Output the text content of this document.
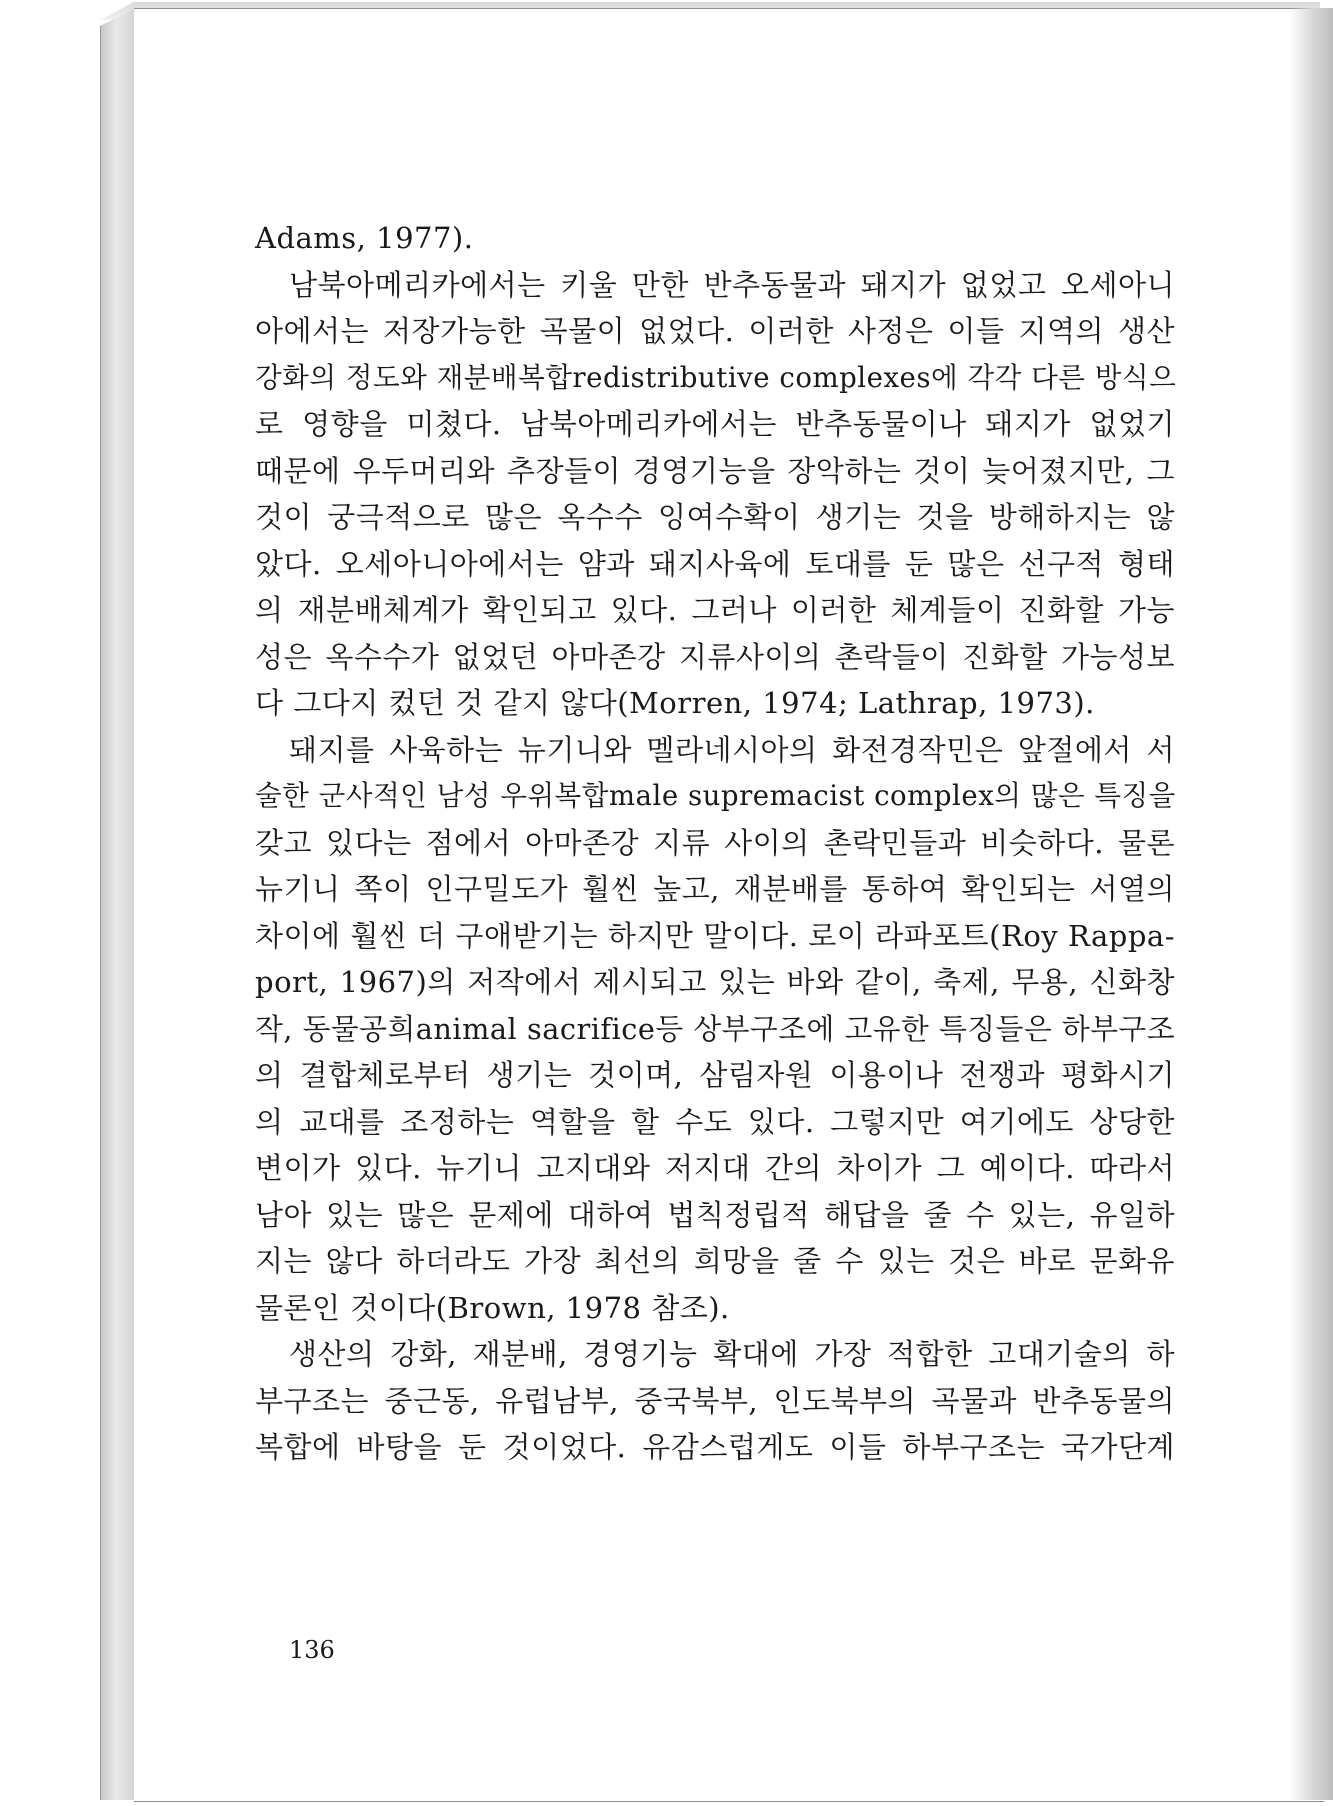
Adams, 1977).
남북아메리카에서는 키울 만한 반추동물과 돼지가 없었고 오세아니
아에서는 저장가능한 곡물이 없었다. 이러한 사정은 이들 지역의 생산
강화의 정도와 재분배복합redistributive complexes에 각각 다른 방식으
로 영향을 미쳤다. 남북아메리카에서는 반추동물이나 돼지가 없었기
때문에 우두머리와 추장들이 경영기능을 장악하는 것이 늦어졌지만, 그
것이 궁극적으로 많은 옥수수 잉여수확이 생기는 것을 방해하지는 않
았다. 오세아니아에서는 얌과 돼지사육에 토대를 둔 많은 선구적 형태
의 재분배체계가 확인되고 있다. 그러나 이러한 체계들이 진화할 가능
성은 옥수수가 없었던 아마존강 지류사이의 촌락들이 진화할 가능성보
다 그다지 컸던 것 같지 않다(Morren, 1974; Lathrap, 1973).
돼지를 사육하는 뉴기니와 멜라네시아의 화전경작민은 앞절에서 서
술한 군사적인 남성 우위복합male supremacist complex의 많은 특징을
갖고 있다는 점에서 아마존강 지류 사이의 촌락민들과 비슷하다. 물론
뉴기니 쪽이 인구밀도가 훨씬 높고, 재분배를 통하여 확인되는 서열의
차이에 훨씬 더 구애받기는 하지만 말이다. 로이 라파포트(Roy Rappa-
port, 1967)의 저작에서 제시되고 있는 바와 같이, 축제, 무용, 신화창
작, 동물공희animal sacrifice등 상부구조에 고유한 특징들은 하부구조
의 결합체로부터 생기는 것이며, 삼림자원 이용이나 전쟁과 평화시기
의 교대를 조정하는 역할을 할 수도 있다. 그렇지만 여기에도 상당한
변이가 있다. 뉴기니 고지대와 저지대 간의 차이가 그 예이다. 따라서
남아 있는 많은 문제에 대하여 법칙정립적 해답을 줄 수 있는, 유일하
지는 않다 하더라도 가장 최선의 희망을 줄 수 있는 것은 바로 문화유
물론인 것이다(Brown, 1978 참조).
생산의 강화, 재분배, 경영기능 확대에 가장 적합한 고대기술의 하
부구조는 중근동, 유럽남부, 중국북부, 인도북부의 곡물과 반추동물의
복합에 바탕을 둔 것이었다. 유감스럽게도 이들 하부구조는 국가단계
136
